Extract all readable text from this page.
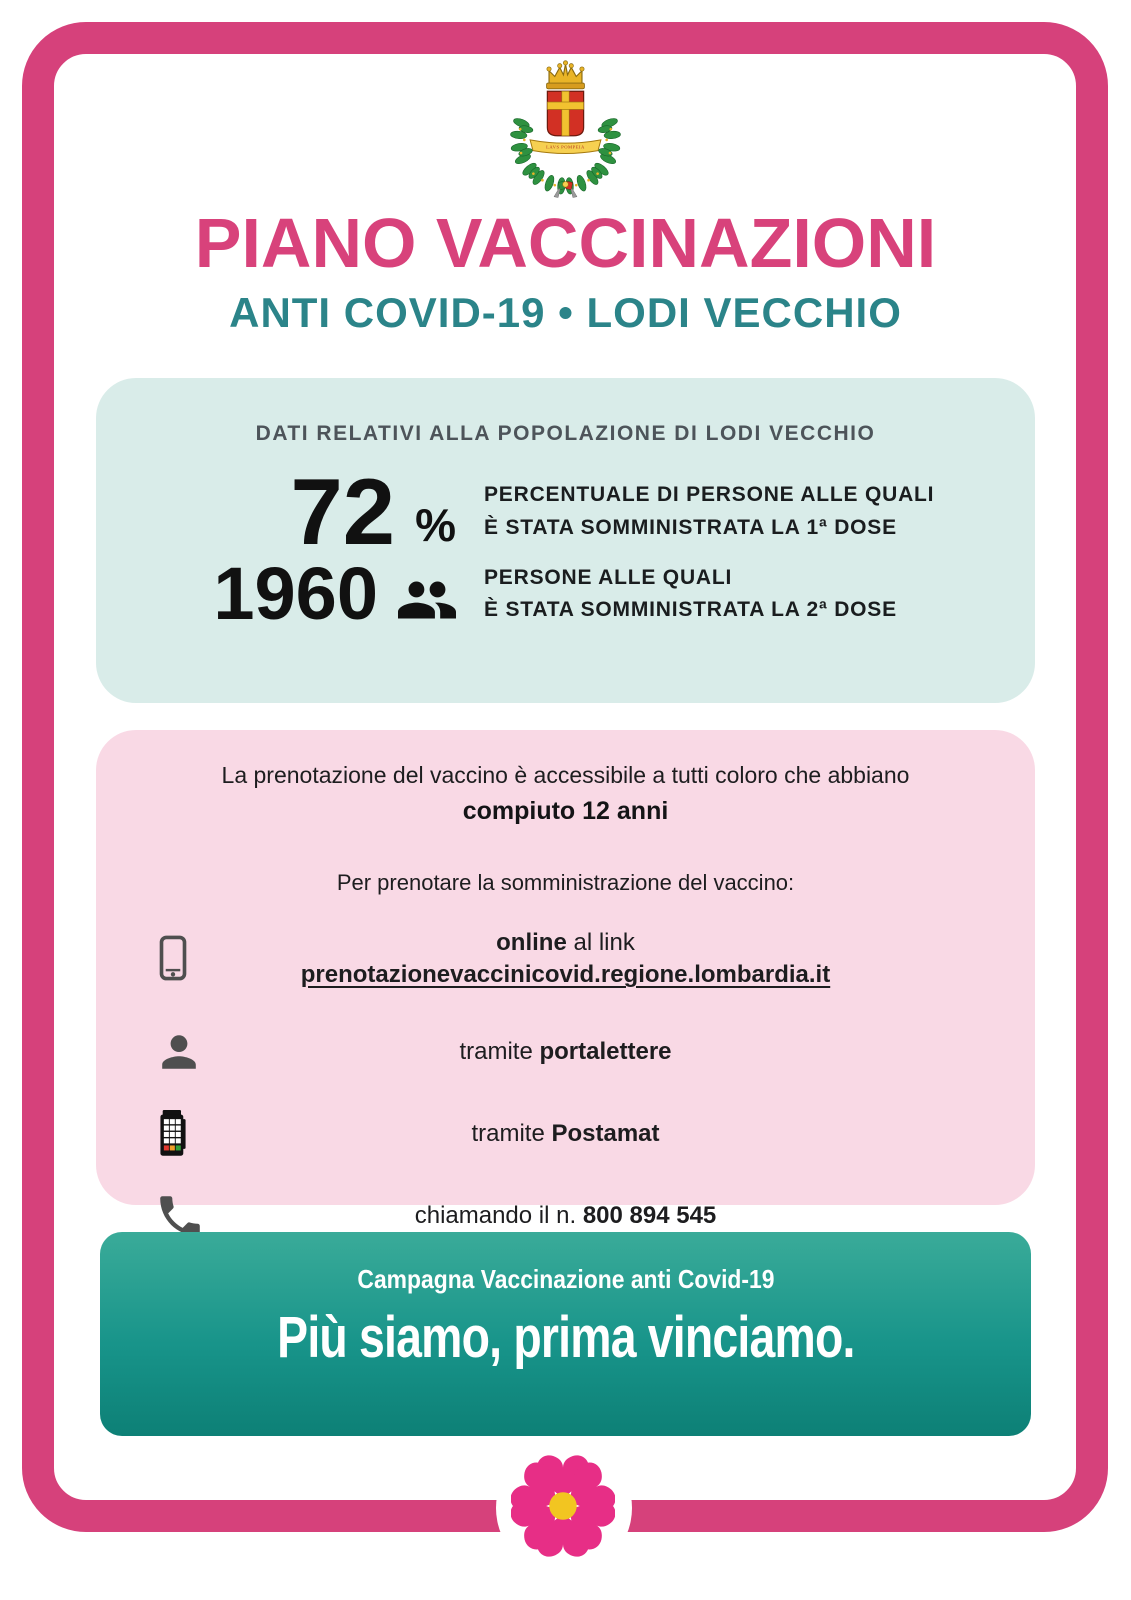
LAVS POMPEIA
PIANO VACCINAZIONI
ANTI COVID-19 • LODI VECCHIO
DATI RELATIVI ALLA POPOLAZIONE DI LODI VECCHIO
72 %
PERCENTUALE DI PERSONE ALLE QUALI
È STATA SOMMINISTRATA LA 1ª DOSE
1960	PERSONE ALLE QUALI
È STATA SOMMINISTRATA LA 2ª DOSE
La prenotazione del vaccino è accessibile a tutti coloro che abbiano
compiuto 12 anni
Per prenotare la somministrazione del vaccino:
online al link
prenotazionevaccinicovid.regione.lombardia.it
tramite portalettere
tramite Postamat
chiamando il n. 800 894 545
Campagna Vaccinazione anti Covid-19
Più siamo, prima vinciamo.
